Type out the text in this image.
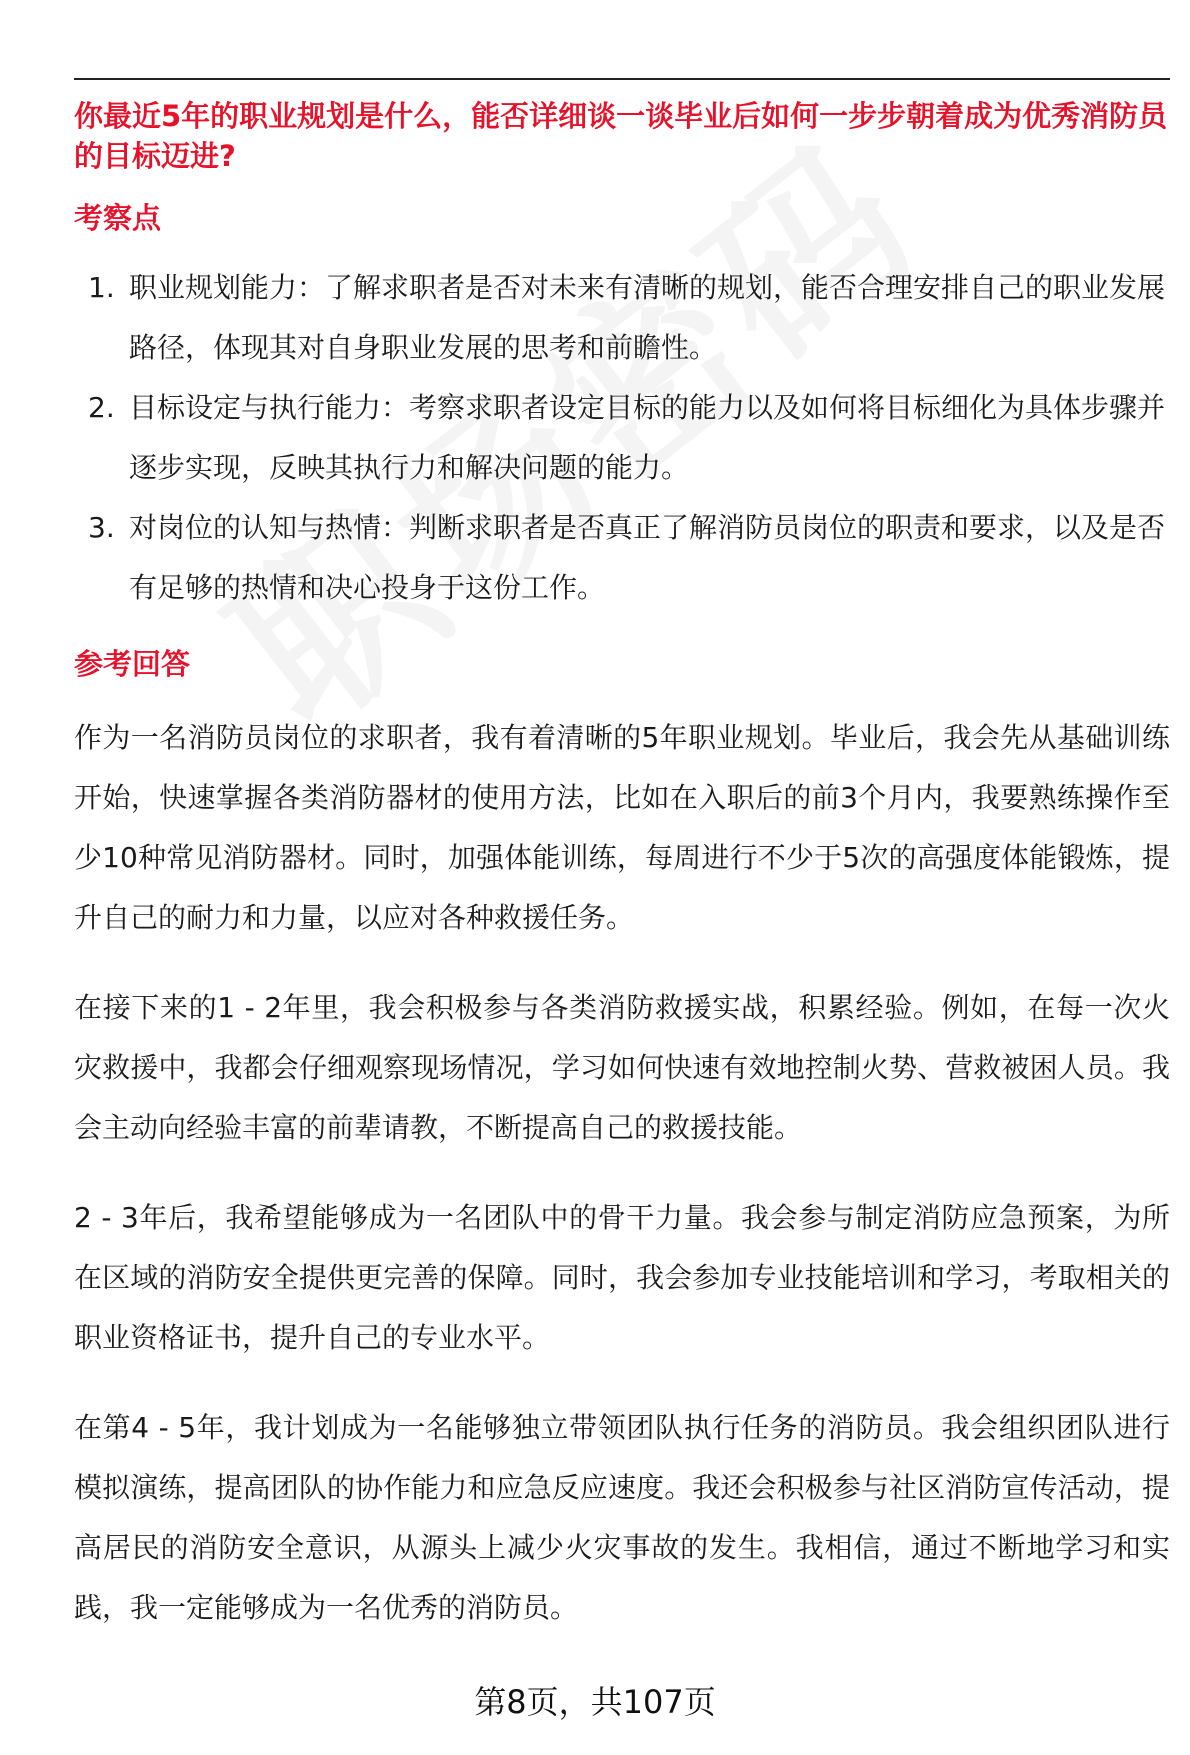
你最近5年的职业规划是什么，能否详细谈一谈毕业后如何一步步朝着成为优秀消防员的目标迈进?
考察点
1. 职业规划能力：了解求职者是否对未来有清晰的规划，能否合理安排自己的职业发展路径，体现其对自身职业发展的思考和前瞻性。
2. 目标设定与执行能力：考察求职者设定目标的能力以及如何将目标细化为具体步骤并逐步实现，反映其执行力和解决问题的能力。
3. 对岗位的认知与热情：判断求职者是否真正了解消防员岗位的职责和要求，以及是否有足够的热情和决心投身于这份工作。
参考回答

作为一名消防员岗位的求职者，我有着清晰的5年职业规划。毕业后，我会先从基础训练开始，快速掌握各类消防器材的使用方法，比如在入职后的前3个月内，我要熟练操作至少10种常见消防器材。同时，加强体能训练，每周进行不少于5次的高强度体能锻炼，提升自己的耐力和力量，以应对各种救援任务。

在接下来的1 - 2年里，我会积极参与各类消防救援实战，积累经验。例如，在每一次火灾救援中，我都会仔细观察现场情况，学习如何快速有效地控制火势、营救被困人员。我会主动向经验丰富的前辈请教，不断提高自己的救援技能。

2 - 3年后，我希望能够成为一名团队中的骨干力量。我会参与制定消防应急预案，为所在区域的消防安全提供更完善的保障。同时，我会参加专业技能培训和学习，考取相关的职业资格证书，提升自己的专业水平。

在第4 - 5年，我计划成为一名能够独立带领团队执行任务的消防员。我会组织团队进行模拟演练，提高团队的协作能力和应急反应速度。我还会积极参与社区消防宣传活动，提高居民的消防安全意识，从源头上减少火灾事故的发生。我相信，通过不断地学习和实践，我一定能够成为一名优秀的消防员。

第8页，共107页
